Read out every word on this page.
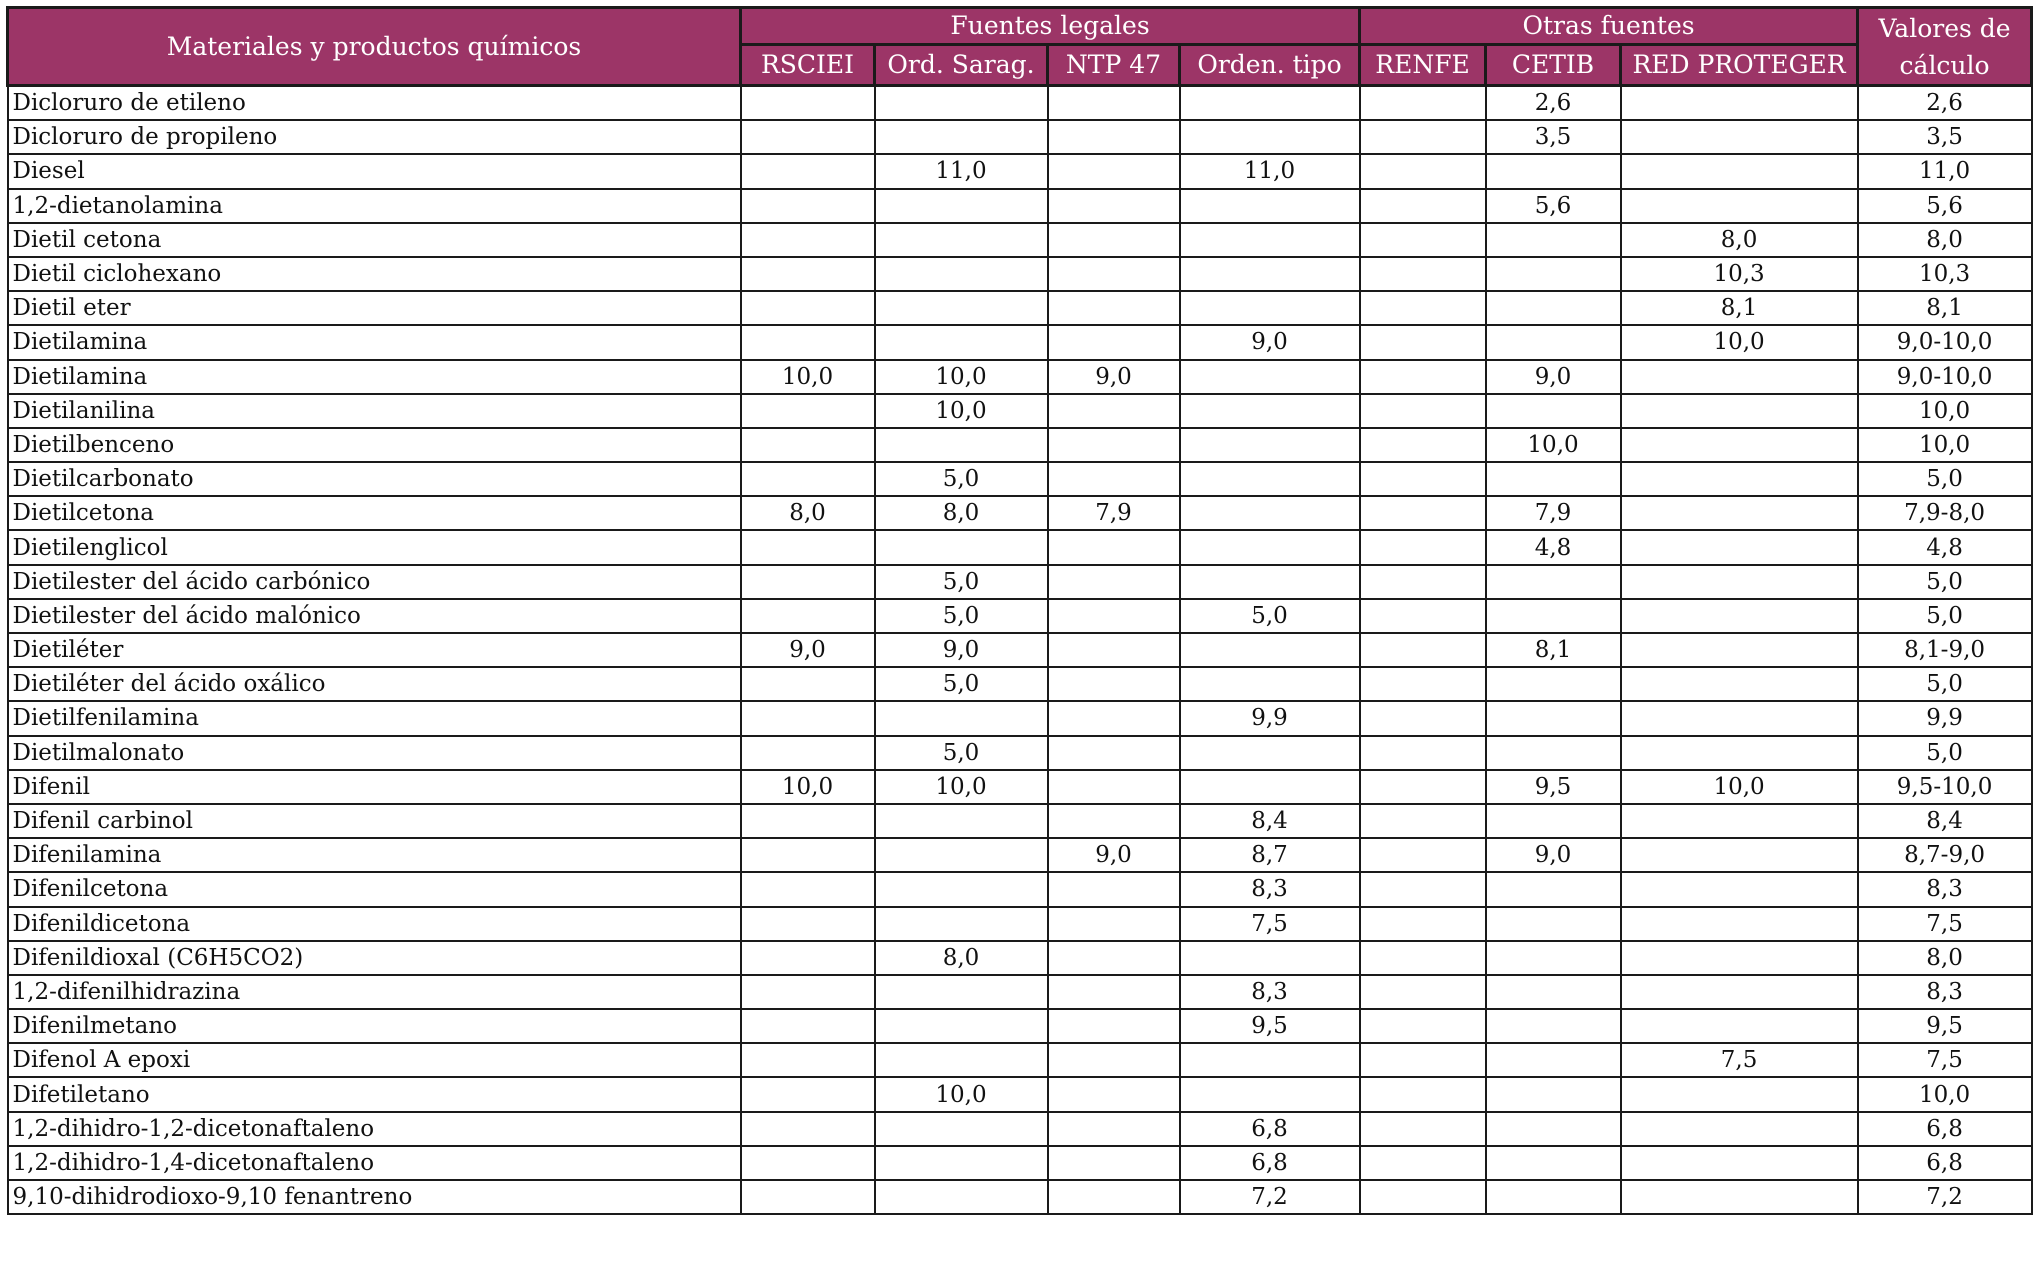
Materiales y productos químicos	Fuentes legales				Otras fuentes			Valores de cálculo
	RSCIEI	Ord. Sarag.	NTP 47	Orden. tipo	RENFE	CETIB	RED PROTEGER	
Dicloruro de etileno						2,6		2,6
Dicloruro de propileno						3,5		3,5
Diesel		11,0		11,0				11,0
1,2-dietanolamina						5,6		5,6
Dietil cetona							8,0	8,0
Dietil ciclohexano							10,3	10,3
Dietil eter							8,1	8,1
Dietilamina				9,0			10,0	9,0-10,0
Dietilamina	10,0	10,0	9,0			9,0		9,0-10,0
Dietilanilina		10,0						10,0
Dietilbenceno						10,0		10,0
Dietilcarbonato		5,0						5,0
Dietilcetona	8,0	8,0	7,9			7,9		7,9-8,0
Dietilenglicol						4,8		4,8
Dietilester del ácido carbónico		5,0						5,0
Dietilester del ácido malónico		5,0		5,0				5,0
Dietiléter	9,0	9,0				8,1		8,1-9,0
Dietiléter del ácido oxálico		5,0						5,0
Dietilfenilamina				9,9				9,9
Dietilmalonato		5,0						5,0
Difenil	10,0	10,0				9,5	10,0	9,5-10,0
Difenil carbinol				8,4				8,4
Difenilamina			9,0	8,7		9,0		8,7-9,0
Difenilcetona				8,3				8,3
Difenildicetona				7,5				7,5
Difenildioxal (C6H5CO2)		8,0						8,0
1,2-difenilhidrazina				8,3				8,3
Difenilmetano				9,5				9,5
Difenol A epoxi							7,5	7,5
Difetiletano		10,0						10,0
1,2-dihidro-1,2-dicetonaftaleno				6,8				6,8
1,2-dihidro-1,4-dicetonaftaleno				6,8				6,8
9,10-dihidrodioxo-9,10 fenantreno				7,2				7,2
